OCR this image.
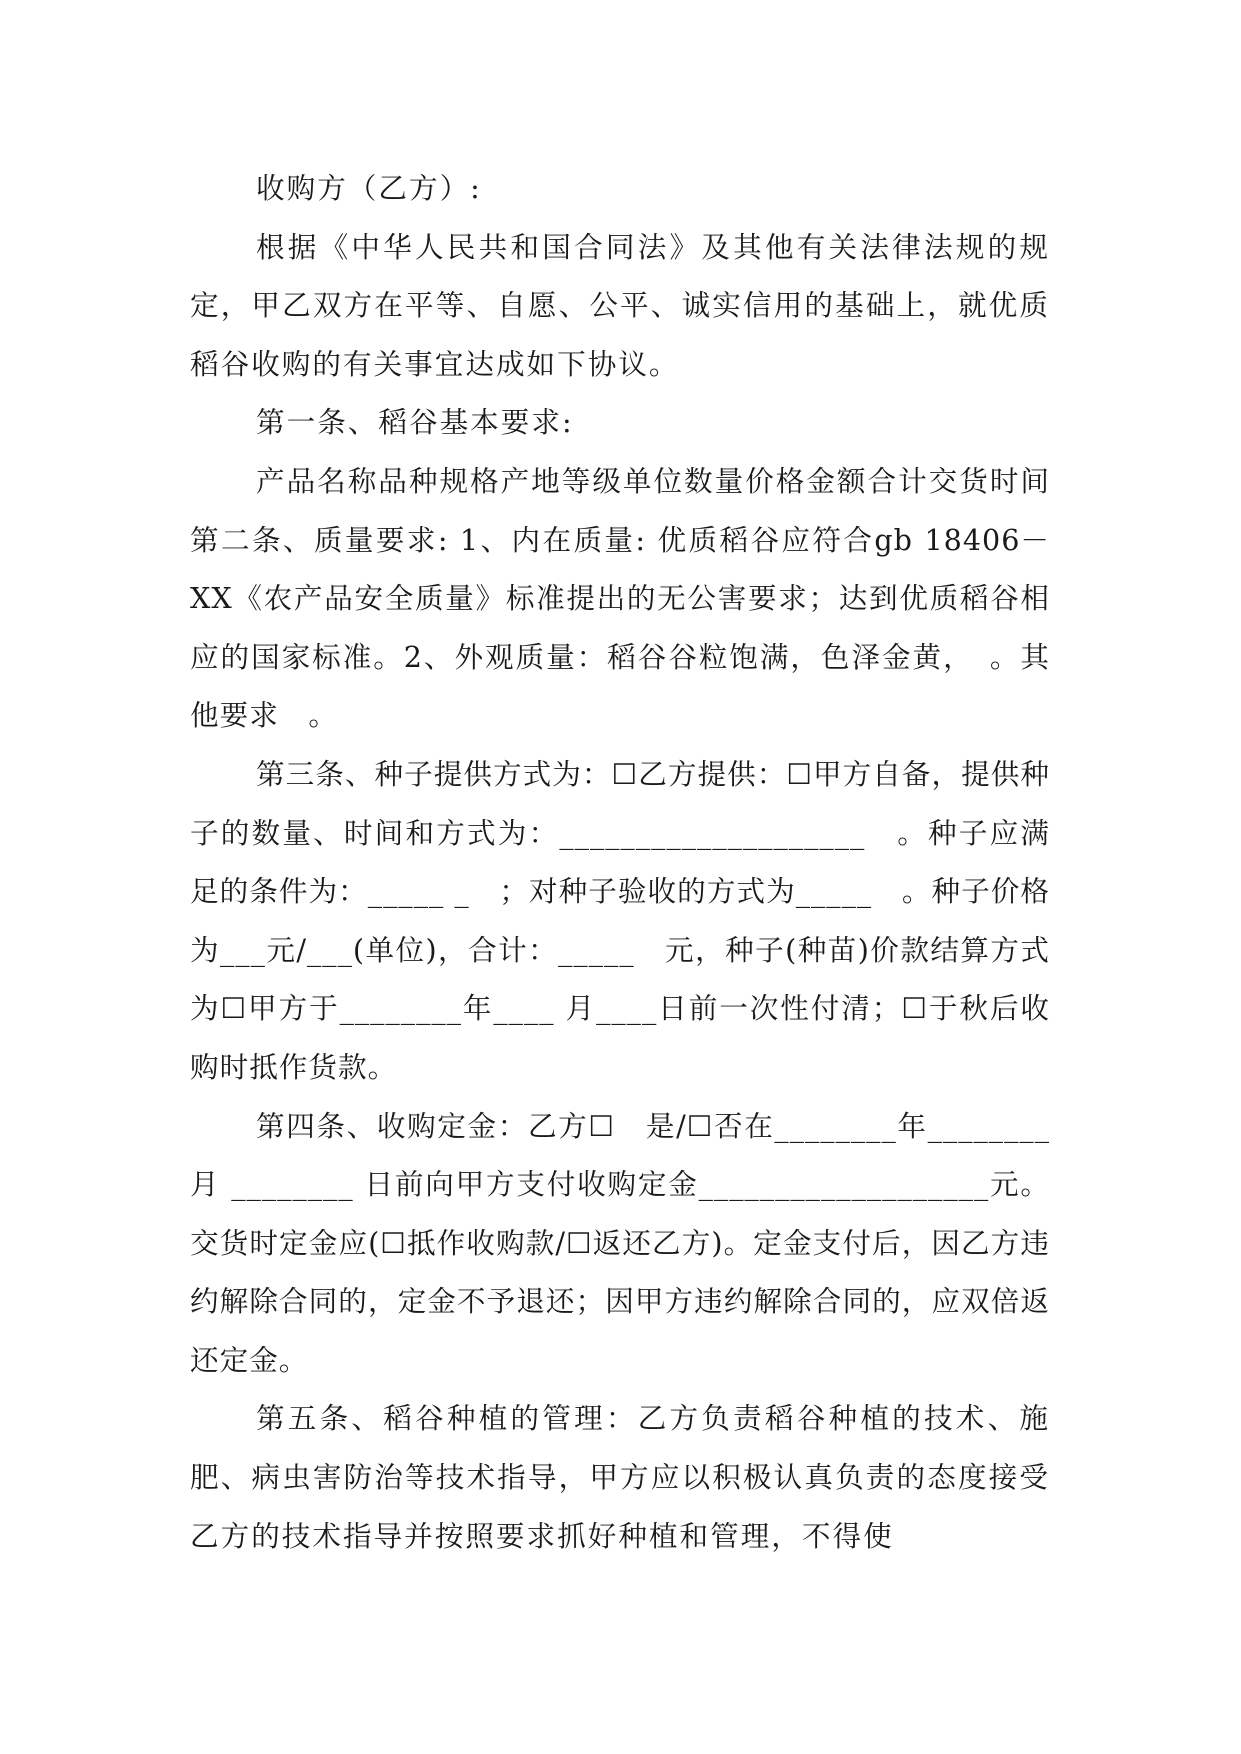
收购方（乙方）:

根据《中华人民共和国合同法》及其他有关法律法规的规定，甲乙双方在平等、自愿、公平、诚实信用的基础上，就优质稻谷收购的有关事宜达成如下协议。

第一条、稻谷基本要求:

产品名称品种规格产地等级单位数量价格金额合计交货时间第二条、质量要求: 1、内在质量: 优质稻谷应符合gb 18406－XX《农产品安全质量》标准提出的无公害要求；达到优质稻谷相应的国家标准。2、外观质量：稻谷谷粒饱满，色泽金黄，　。其他要求　。

第三条、种子提供方式为：☐乙方提供：☐甲方自备，提供种子的数量、时间和方式为：____________________　。种子应满足的条件为：_____ _　；对种子验收的方式为_____　。种子价格为___元/___(单位)，合计：_____　元，种子(种苗)价款结算方式为☐甲方于________年____ 月____日前一次性付清；☐于秋后收购时抵作货款。

第四条、收购定金：乙方☐　是/☐否在________年________月 ________ 日前向甲方支付收购定金___________________元。交货时定金应(☐抵作收购款/☐返还乙方)。定金支付后，因乙方违约解除合同的，定金不予退还；因甲方违约解除合同的，应双倍返还定金。

第五条、稻谷种植的管理：乙方负责稻谷种植的技术、施肥、病虫害防治等技术指导，甲方应以积极认真负责的态度接受乙方的技术指导并按照要求抓好种植和管理，不得使
